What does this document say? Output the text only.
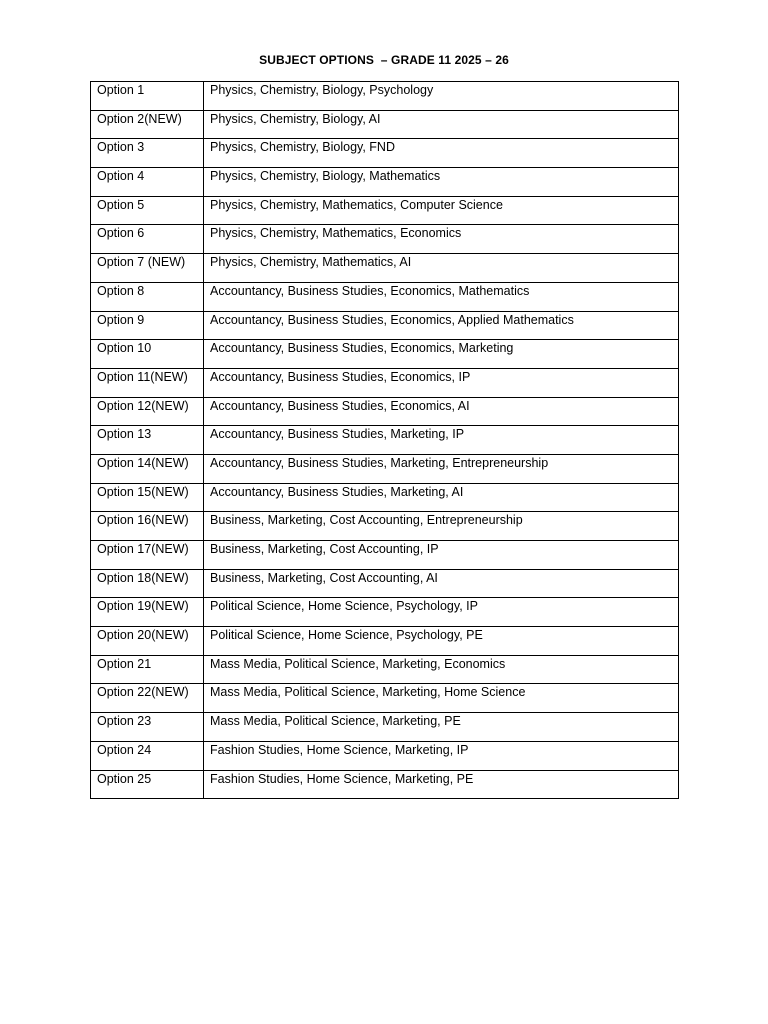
SUBJECT OPTIONS  – GRADE 11 2025 – 26
Option 1	Physics, Chemistry, Biology, Psychology
Option 2(NEW)	Physics, Chemistry, Biology, AI
Option 3	Physics, Chemistry, Biology, FND
Option 4	Physics, Chemistry, Biology, Mathematics
Option 5	Physics, Chemistry, Mathematics, Computer Science
Option 6	Physics, Chemistry, Mathematics, Economics
Option 7 (NEW)	Physics, Chemistry, Mathematics, AI
Option 8	Accountancy, Business Studies, Economics, Mathematics
Option 9	Accountancy, Business Studies, Economics, Applied Mathematics
Option 10	Accountancy, Business Studies, Economics, Marketing
Option 11(NEW)	Accountancy, Business Studies, Economics, IP
Option 12(NEW)	Accountancy, Business Studies, Economics, AI
Option 13	Accountancy, Business Studies, Marketing, IP
Option 14(NEW)	Accountancy, Business Studies, Marketing, Entrepreneurship
Option 15(NEW)	Accountancy, Business Studies, Marketing, AI
Option 16(NEW)	Business, Marketing, Cost Accounting, Entrepreneurship
Option 17(NEW)	Business, Marketing, Cost Accounting, IP
Option 18(NEW)	Business, Marketing, Cost Accounting, AI
Option 19(NEW)	Political Science, Home Science, Psychology, IP
Option 20(NEW)	Political Science, Home Science, Psychology, PE
Option 21	Mass Media, Political Science, Marketing, Economics
Option 22(NEW)	Mass Media, Political Science, Marketing, Home Science
Option 23	Mass Media, Political Science, Marketing, PE
Option 24	Fashion Studies, Home Science, Marketing, IP
Option 25	Fashion Studies, Home Science, Marketing, PE
